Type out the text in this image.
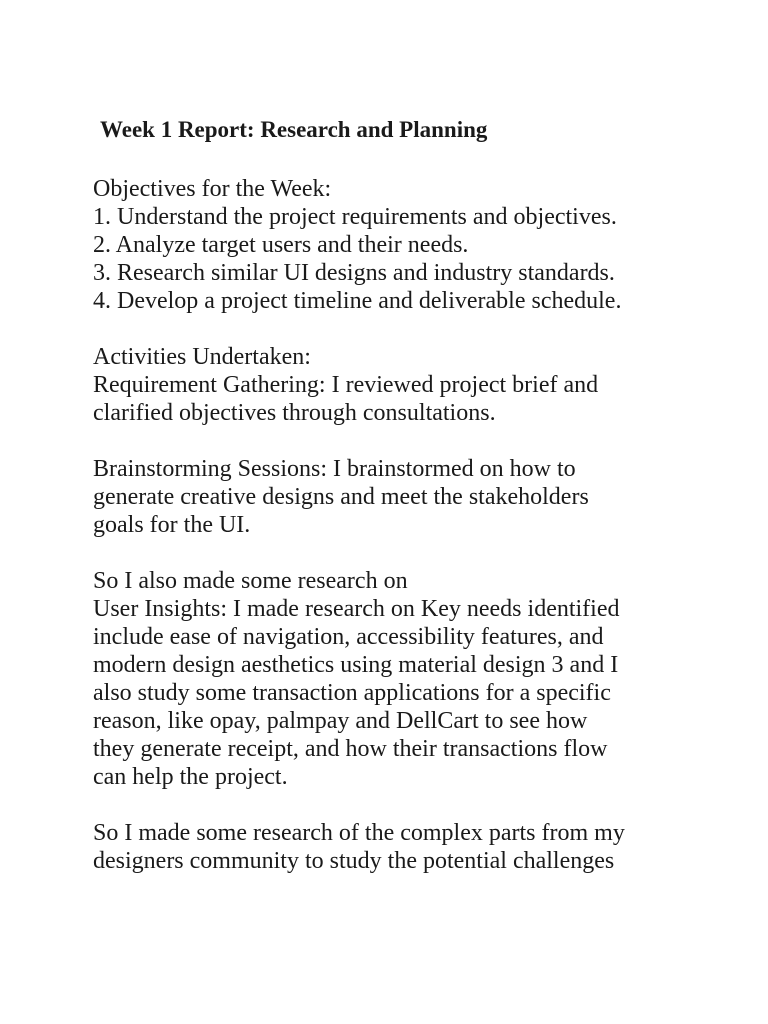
Week 1 Report: Research and Planning
Objectives for the Week:
1. Understand the project requirements and objectives.
2. Analyze target users and their needs.
3. Research similar UI designs and industry standards.
4. Develop a project timeline and deliverable schedule.
Activities Undertaken:
Requirement Gathering: I reviewed project brief and
clarified objectives through consultations.
Brainstorming Sessions: I brainstormed on how to
generate creative designs and meet the stakeholders
goals for the UI.
So I also made some research on
User Insights: I made research on Key needs identified
include ease of navigation, accessibility features, and
modern design aesthetics using material design 3 and I
also study some transaction applications for a specific
reason, like opay, palmpay and DellCart to see how
they generate receipt, and how their transactions flow
can help the project.
So I made some research of the complex parts from my
designers community to study the potential challenges
